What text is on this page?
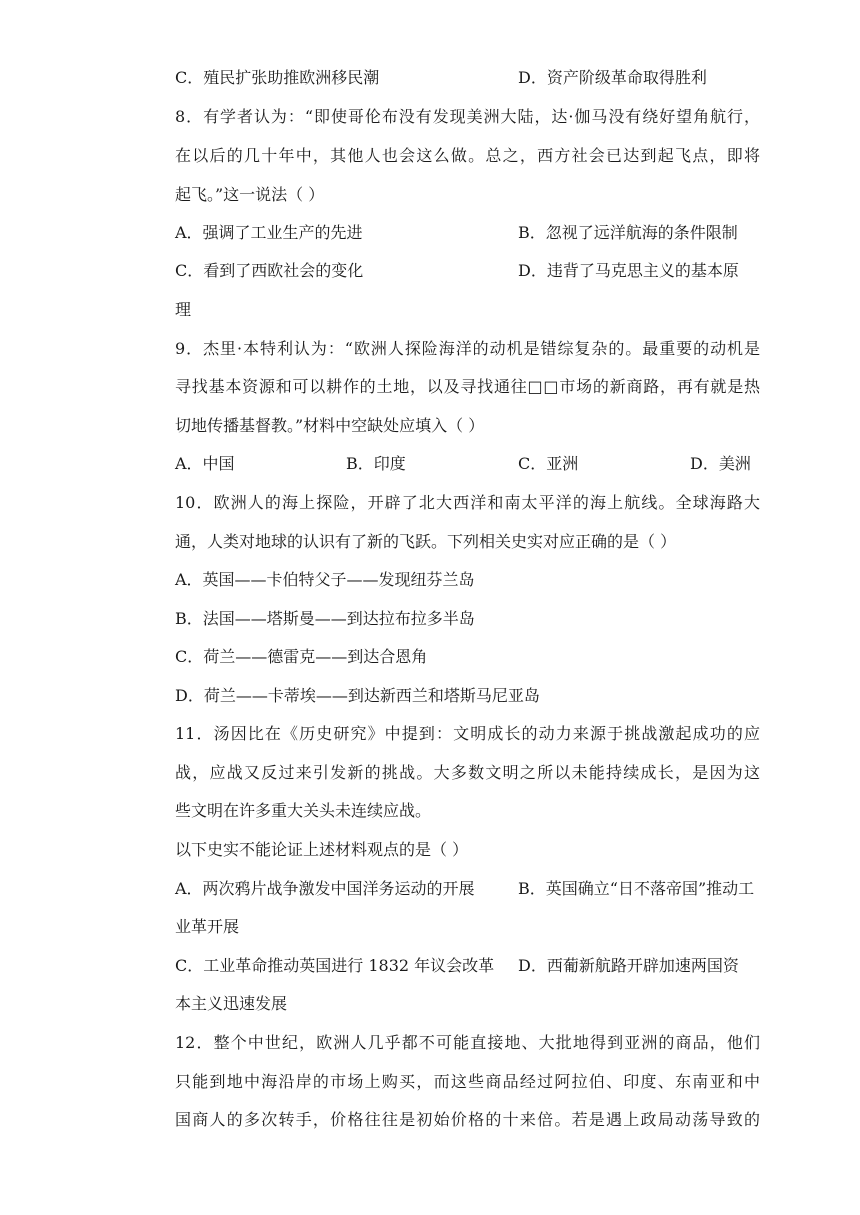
C．殖民扩张助推欧洲移民潮	D．资产阶级革命取得胜利
8．有学者认为：“即使哥伦布没有发现美洲大陆，达·伽马没有绕好望角航行，
在以后的几十年中，其他人也会这么做。总之，西方社会已达到起飞点，即将
起飞。”这一说法（ ）
A．强调了工业生产的先进	B．忽视了远洋航海的条件限制
C．看到了西欧社会的变化	D．违背了马克思主义的基本原
理
9．杰里·本特利认为：“欧洲人探险海洋的动机是错综复杂的。最重要的动机是
寻找基本资源和可以耕作的土地，以及寻找通往□□市场的新商路，再有就是热
切地传播基督教。”材料中空缺处应填入（ ）
A．中国	B．印度	C．亚洲	D．美洲
10．欧洲人的海上探险，开辟了北大西洋和南太平洋的海上航线。全球海路大
通，人类对地球的认识有了新的飞跃。下列相关史实对应正确的是（ ）
A．英国——卡伯特父子——发现纽芬兰岛
B．法国——塔斯曼——到达拉布拉多半岛
C．荷兰——德雷克——到达合恩角
D．荷兰——卡蒂埃——到达新西兰和塔斯马尼亚岛
11．汤因比在《历史研究》中提到：文明成长的动力来源于挑战激起成功的应
战，应战又反过来引发新的挑战。大多数文明之所以未能持续成长，是因为这
些文明在许多重大关头未连续应战。
以下史实不能论证上述材料观点的是（ ）
A．两次鸦片战争激发中国洋务运动的开展	B．英国确立“日不落帝国”推动工
业革开展
C．工业革命推动英国进行 1832 年议会改革 D．西葡新航路开辟加速两国资
本主义迅速发展
12．整个中世纪，欧洲人几乎都不可能直接地、大批地得到亚洲的商品，他们
只能到地中海沿岸的市场上购买，而这些商品经过阿拉伯、印度、东南亚和中
国商人的多次转手，价格往往是初始价格的十来倍。若是遇上政局动荡导致的
